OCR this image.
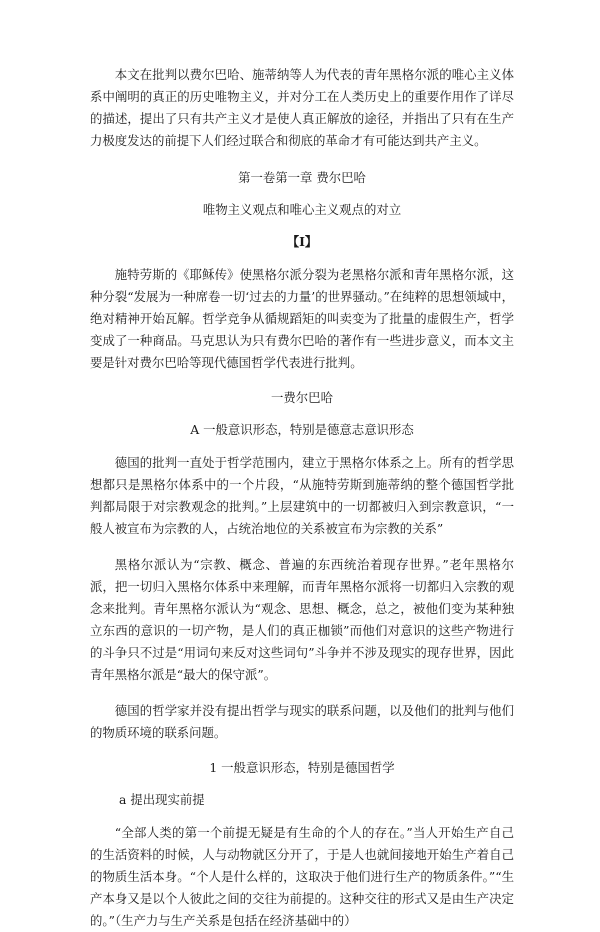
本文在批判以费尔巴哈、施蒂纳等人为代表的青年黑格尔派的唯心主义体系中阐明的真正的历史唯物主义，并对分工在人类历史上的重要作用作了详尽的描述，提出了只有共产主义才是使人真正解放的途径，并指出了只有在生产力极度发达的前提下人们经过联合和彻底的革命才有可能达到共产主义。

第一卷第一章 费尔巴哈
唯物主义观点和唯心主义观点的对立
【Ⅰ】

施特劳斯的《耶稣传》使黑格尔派分裂为老黑格尔派和青年黑格尔派，这种分裂“发展为一种席卷一切‘过去的力量’的世界骚动。”在纯粹的思想领域中，绝对精神开始瓦解。哲学竞争从循规蹈矩的叫卖变为了批量的虚假生产，哲学变成了一种商品。马克思认为只有费尔巴哈的著作有一些进步意义，而本文主要是针对费尔巴哈等现代德国哲学代表进行批判。

一费尔巴哈
A 一般意识形态，特别是德意志意识形态

德国的批判一直处于哲学范围内，建立于黑格尔体系之上。所有的哲学思想都只是黑格尔体系中的一个片段，“从施特劳斯到施蒂纳的整个德国哲学批判都局限于对宗教观念的批判。”上层建筑中的一切都被归入到宗教意识，“一般人被宣布为宗教的人，占统治地位的关系被宣布为宗教的关系”

黑格尔派认为“宗教、概念、普遍的东西统治着现存世界。”老年黑格尔派，把一切归入黑格尔体系中来理解，而青年黑格尔派将一切都归入宗教的观念来批判。青年黑格尔派认为“观念、思想、概念，总之，被他们变为某种独立东西的意识的一切产物，是人们的真正枷锁”而他们对意识的这些产物进行的斗争只不过是“用词句来反对这些词句”斗争并不涉及现实的现存世界，因此青年黑格尔派是“最大的保守派”。

德国的哲学家并没有提出哲学与现实的联系问题，以及他们的批判与他们的物质环境的联系问题。

1 一般意识形态，特别是德国哲学
a 提出现实前提

“全部人类的第一个前提无疑是有生命的个人的存在。”当人开始生产自己的生活资料的时候，人与动物就区分开了，于是人也就间接地开始生产着自己的物质生活本身。“个人是什么样的，这取决于他们进行生产的物质条件。”“生产本身又是以个人彼此之间的交往为前提的。这种交往的形式又是由生产决定的。”（生产力与生产关系是包括在经济基础中的）
